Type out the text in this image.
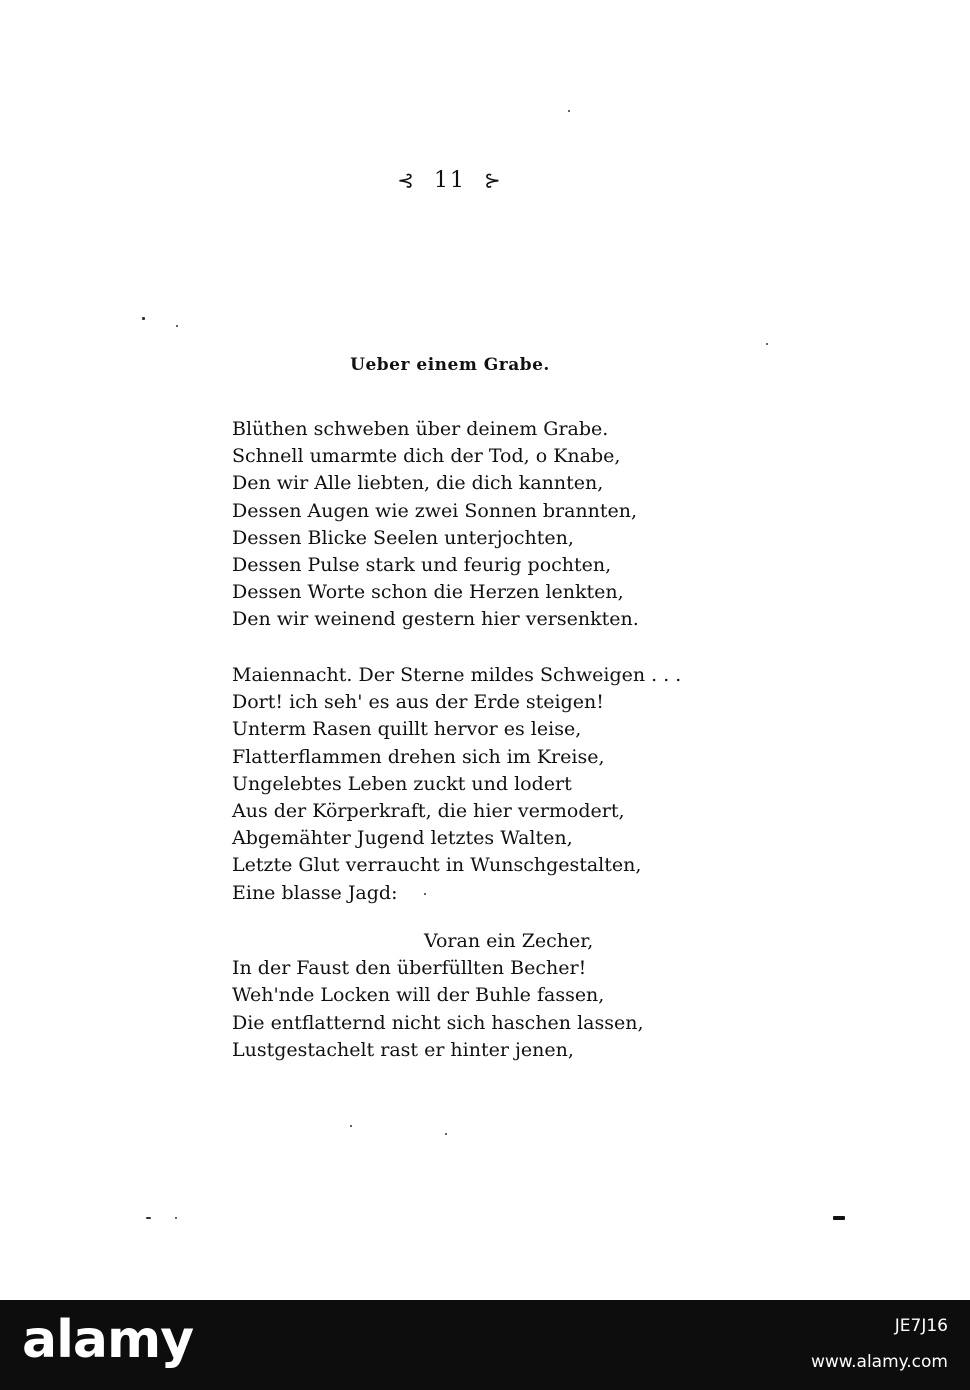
⊰ 11 ⊱
Ueber einem Grabe.
Blüthen schweben über deinem Grabe.
Schnell umarmte dich der Tod, o Knabe,
Den wir Alle liebten, die dich kannten,
Dessen Augen wie zwei Sonnen brannten,
Dessen Blicke Seelen unterjochten,
Dessen Pulse stark und feurig pochten,
Dessen Worte schon die Herzen lenkten,
Den wir weinend gestern hier versenkten.
Maiennacht. Der Sterne mildes Schweigen . . .
Dort! ich seh' es aus der Erde steigen!
Unterm Rasen quillt hervor es leise,
Flatterflammen drehen sich im Kreise,
Ungelebtes Leben zuckt und lodert
Aus der Körperkraft, die hier vermodert,
Abgemähter Jugend letztes Walten,
Letzte Glut verraucht in Wunschgestalten,
Eine blasse Jagd:
Voran ein Zecher,
In der Faust den überfüllten Becher!
Weh'nde Locken will der Buhle fassen,
Die entflatternd nicht sich haschen lassen,
Lustgestachelt rast er hinter jenen,
alamy	JE7J16
www.alamy.com
